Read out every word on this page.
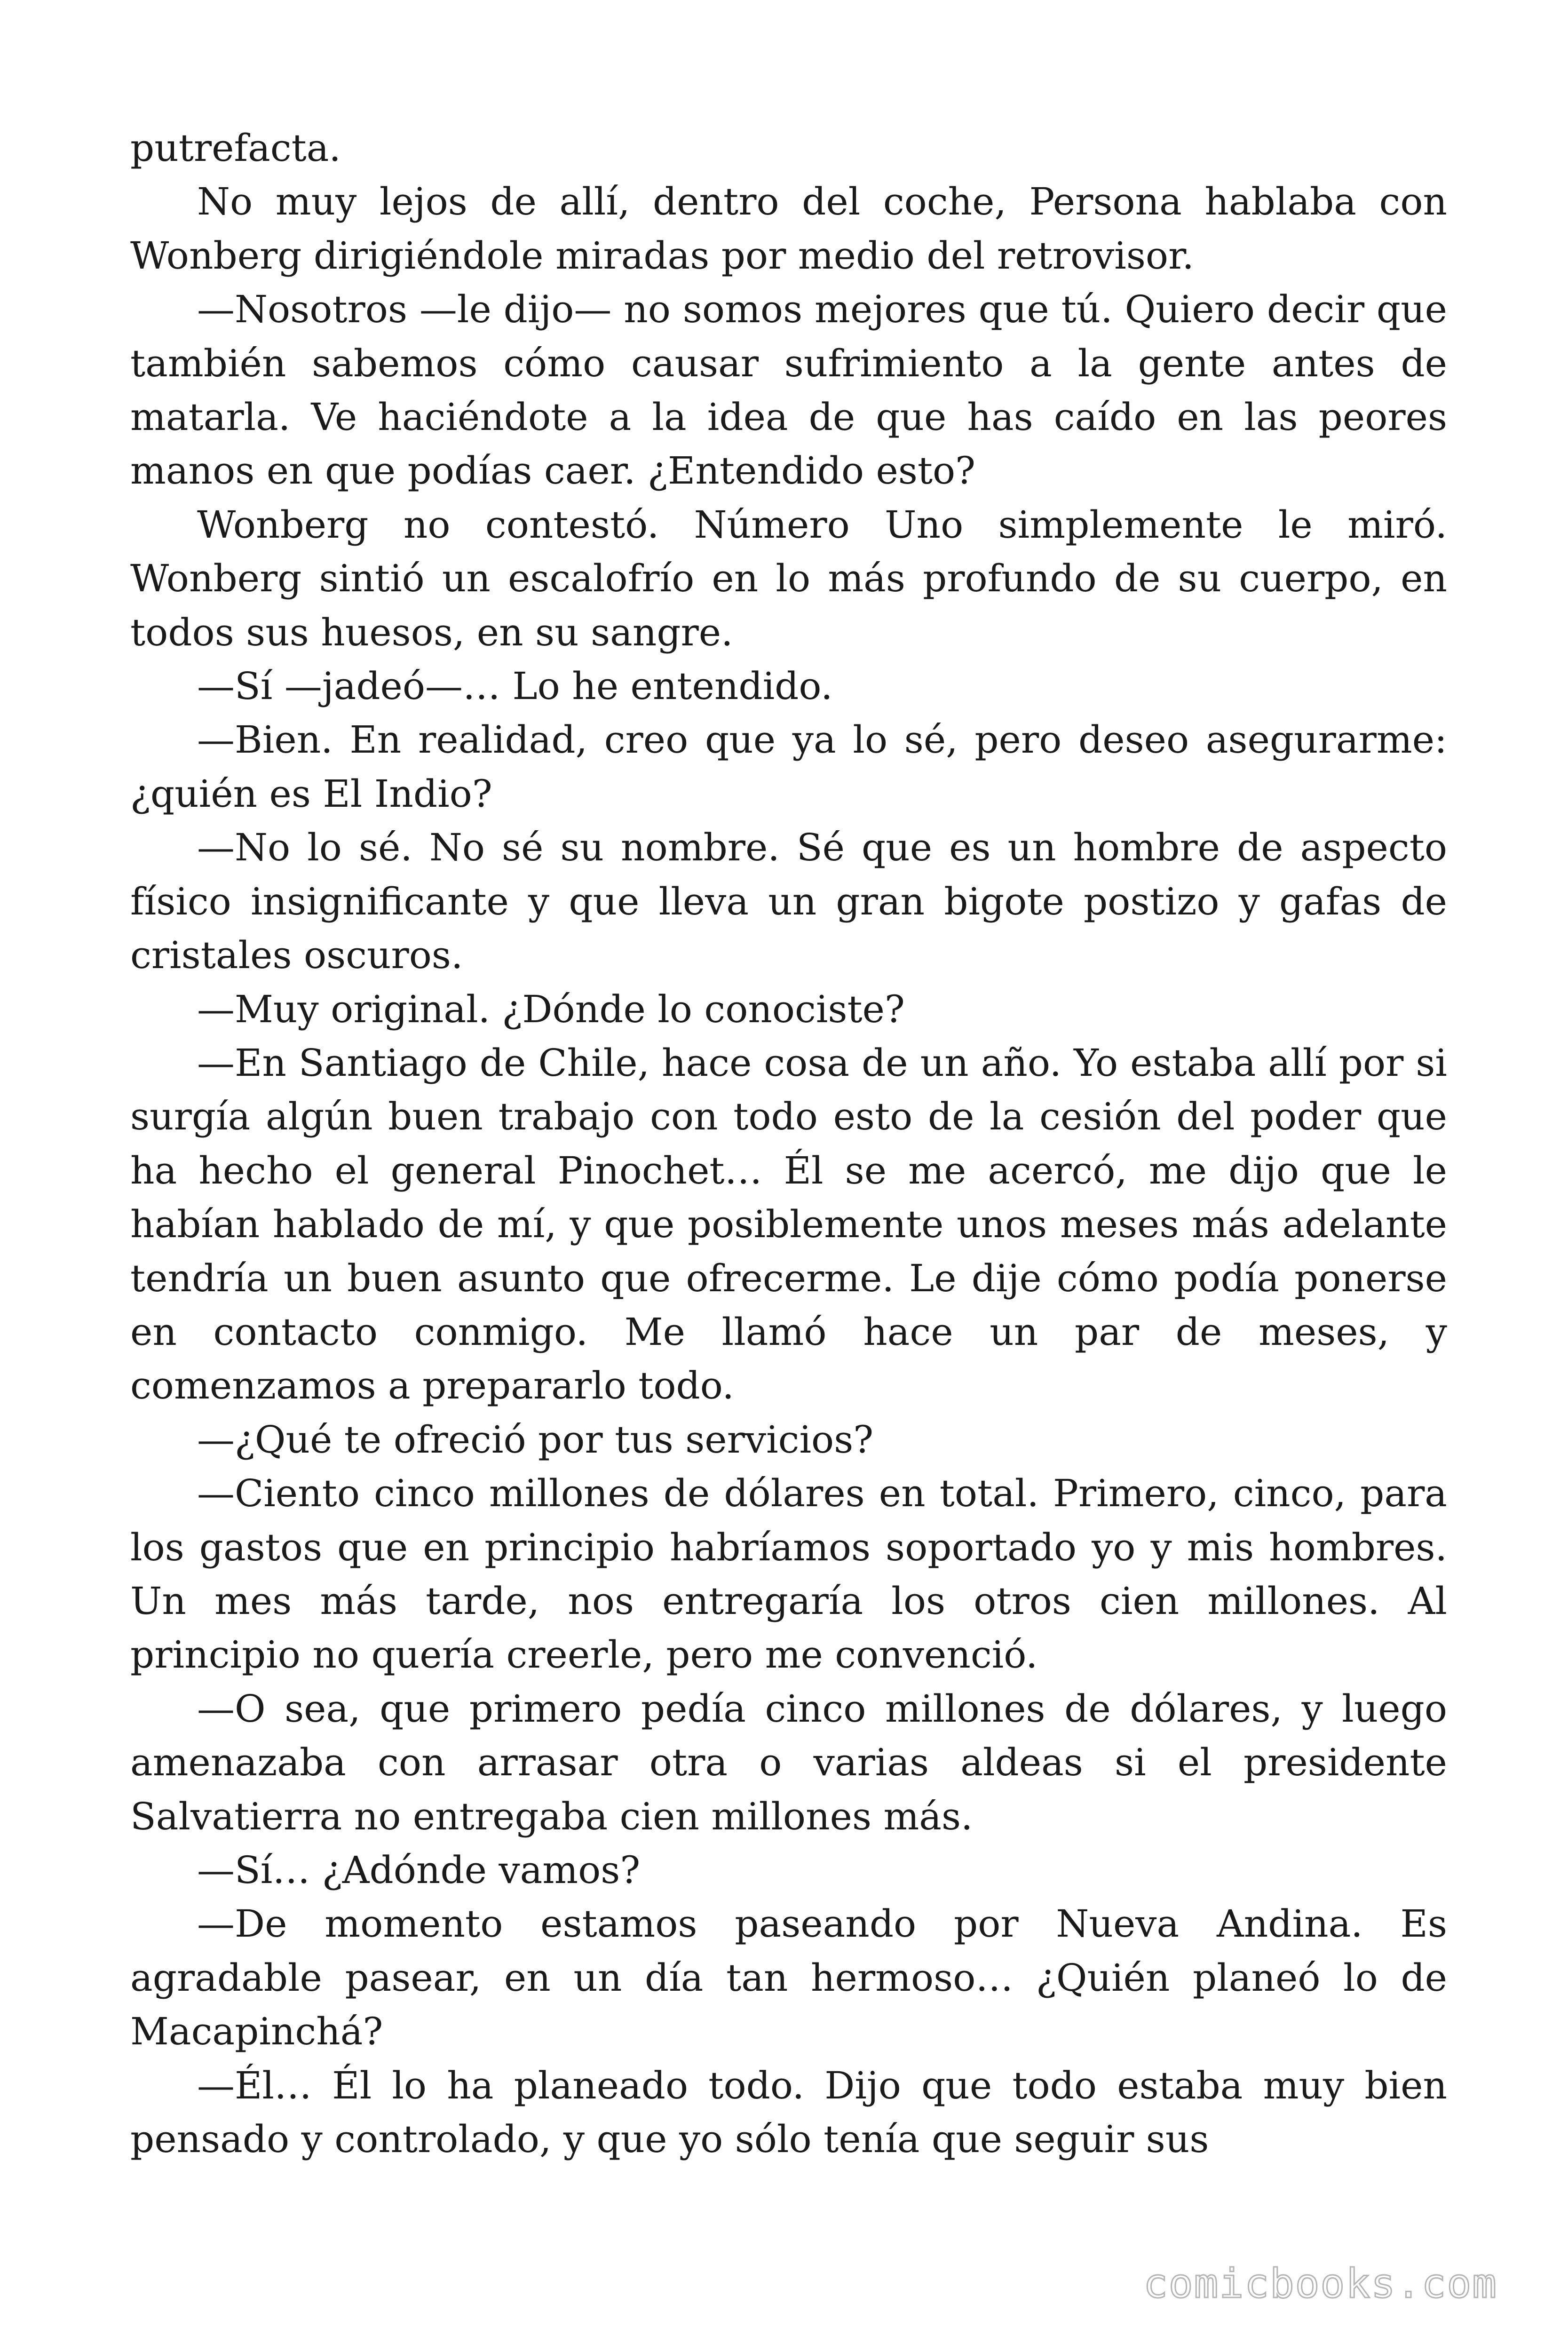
putrefacta.

No muy lejos de allí, dentro del coche, Persona hablaba con Wonberg dirigiéndole miradas por medio del retrovisor.

—Nosotros —le dijo— no somos mejores que tú. Quiero decir que también sabemos cómo causar sufrimiento a la gente antes de matarla. Ve haciéndote a la idea de que has caído en las peores manos en que podías caer. ¿Entendido esto?

Wonberg no contestó. Número Uno simplemente le miró. Wonberg sintió un escalofrío en lo más profundo de su cuerpo, en todos sus huesos, en su sangre.

—Sí —jadeó—… Lo he entendido.

—Bien. En realidad, creo que ya lo sé, pero deseo asegurarme: ¿quién es El Indio?

—No lo sé. No sé su nombre. Sé que es un hombre de aspecto físico insignificante y que lleva un gran bigote postizo y gafas de cristales oscuros.

—Muy original. ¿Dónde lo conociste?

—En Santiago de Chile, hace cosa de un año. Yo estaba allí por si surgía algún buen trabajo con todo esto de la cesión del poder que ha hecho el general Pinochet… Él se me acercó, me dijo que le habían hablado de mí, y que posiblemente unos meses más adelante tendría un buen asunto que ofrecerme. Le dije cómo podía ponerse en contacto conmigo. Me llamó hace un par de meses, y comenzamos a prepararlo todo.

—¿Qué te ofreció por tus servicios?

—Ciento cinco millones de dólares en total. Primero, cinco, para los gastos que en principio habríamos soportado yo y mis hombres. Un mes más tarde, nos entregaría los otros cien millones. Al principio no quería creerle, pero me convenció.

—O sea, que primero pedía cinco millones de dólares, y luego amenazaba con arrasar otra o varias aldeas si el presidente Salvatierra no entregaba cien millones más.

—Sí… ¿Adónde vamos?

—De momento estamos paseando por Nueva Andina. Es agradable pasear, en un día tan hermoso… ¿Quién planeó lo de Macapinchá?

—Él… Él lo ha planeado todo. Dijo que todo estaba muy bien pensado y controlado, y que yo sólo tenía que seguir sus

comicbooks.com
